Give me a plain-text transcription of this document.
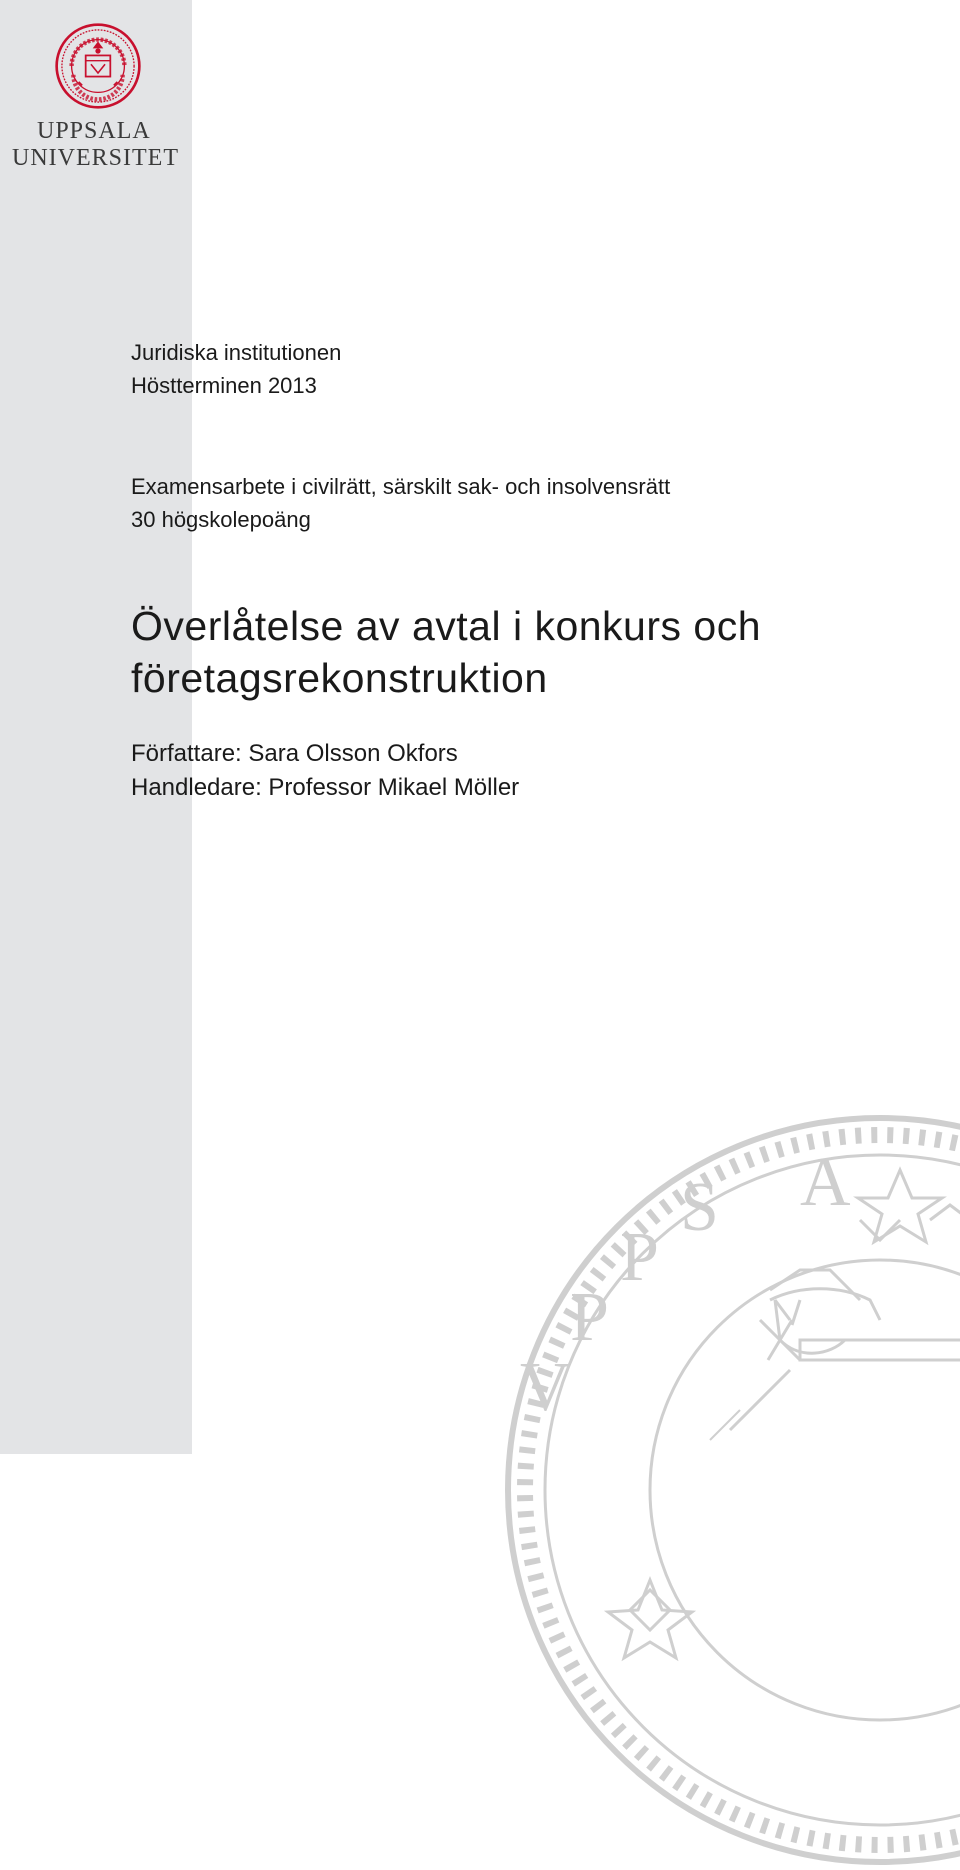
UPPSALA
UNIVERSITET
Juridiska institutionen
Höstterminen 2013
Examensarbete i civilrätt, särskilt sak- och insolvensrätt
30 högskolepoäng
Överlåtelse av avtal i konkurs och
företagsrekonstruktion
Författare: Sara Olsson Okfors
Handledare: Professor Mikael Möller
A
S
P
P
V
